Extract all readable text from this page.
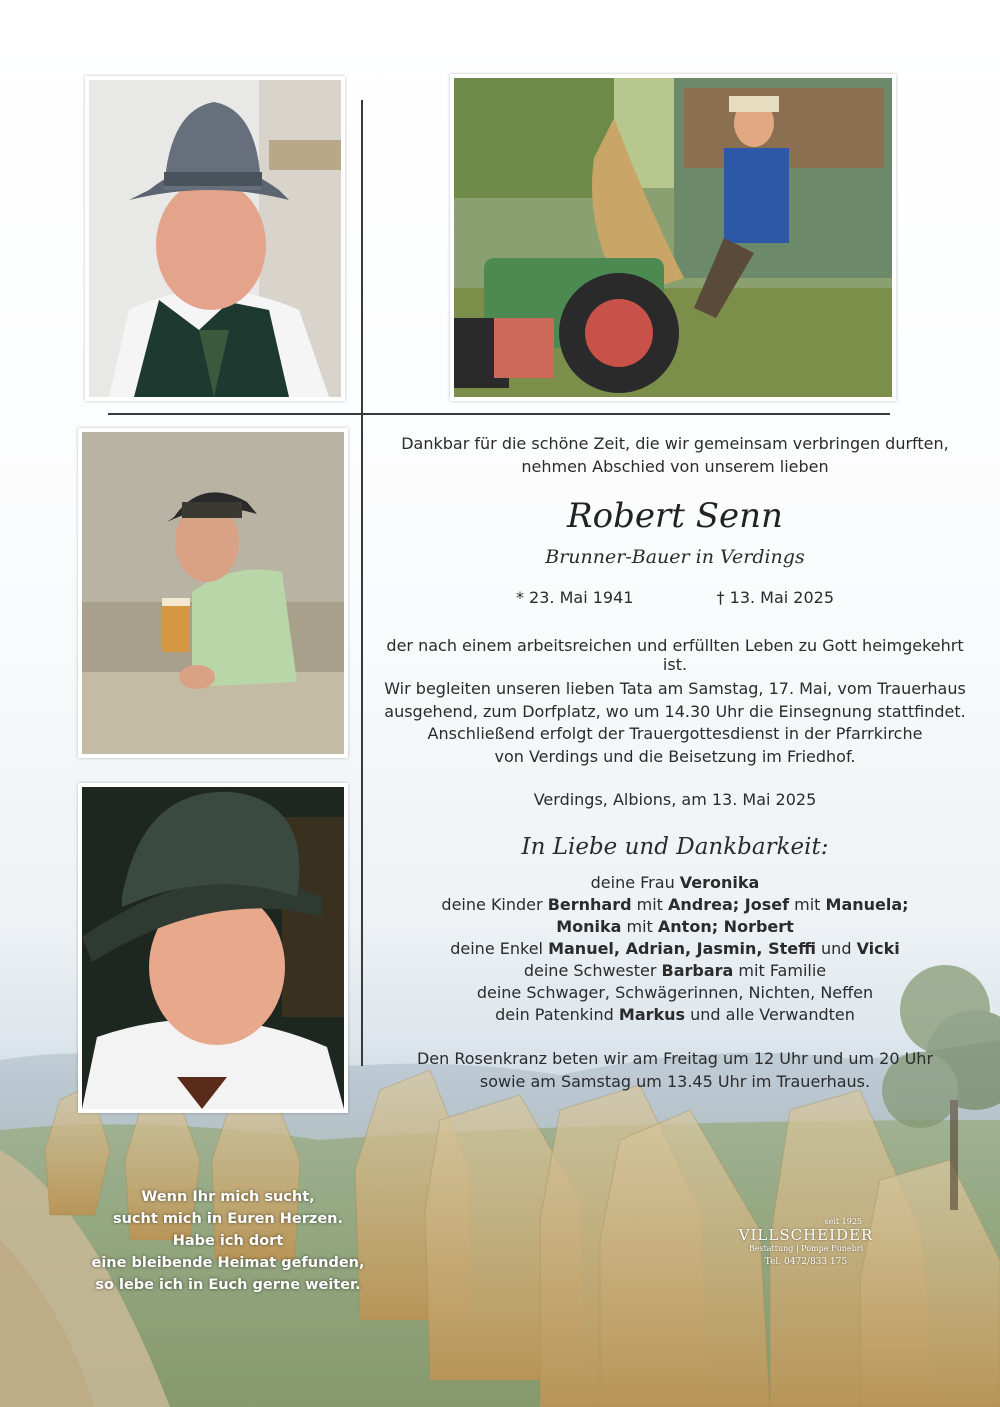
Dankbar für die schöne Zeit, die wir gemeinsam verbringen durften,
nehmen Abschied von unserem lieben
Robert Senn
Brunner-Bauer in Verdings
* 23. Mai 1941	† 13. Mai 2025
der nach einem arbeitsreichen und erfüllten Leben zu Gott heimgekehrt ist.
Wir begleiten unseren lieben Tata am Samstag, 17. Mai, vom Trauerhaus
ausgehend, zum Dorfplatz, wo um 14.30 Uhr die Einsegnung stattfindet.
Anschließend erfolgt der Trauergottesdienst in der Pfarrkirche
von Verdings und die Beisetzung im Friedhof.
Verdings, Albions, am 13. Mai 2025
In Liebe und Dankbarkeit:
deine Frau Veronika
deine Kinder Bernhard mit Andrea; Josef mit Manuela;
Monika mit Anton; Norbert
deine Enkel Manuel, Adrian, Jasmin, Steffi und Vicki
deine Schwester Barbara mit Familie
deine Schwager, Schwägerinnen, Nichten, Neffen
dein Patenkind Markus und alle Verwandten
Den Rosenkranz beten wir am Freitag um 12 Uhr und um 20 Uhr
sowie am Samstag um 13.45 Uhr im Trauerhaus.
Wenn Ihr mich sucht,
sucht mich in Euren Herzen.
Habe ich dort
eine bleibende Heimat gefunden,
so lebe ich in Euch gerne weiter.
seit 1925
VILLSCHEIDER
Bestattung | Pompe Funebri
Tel. 0472/833 175
